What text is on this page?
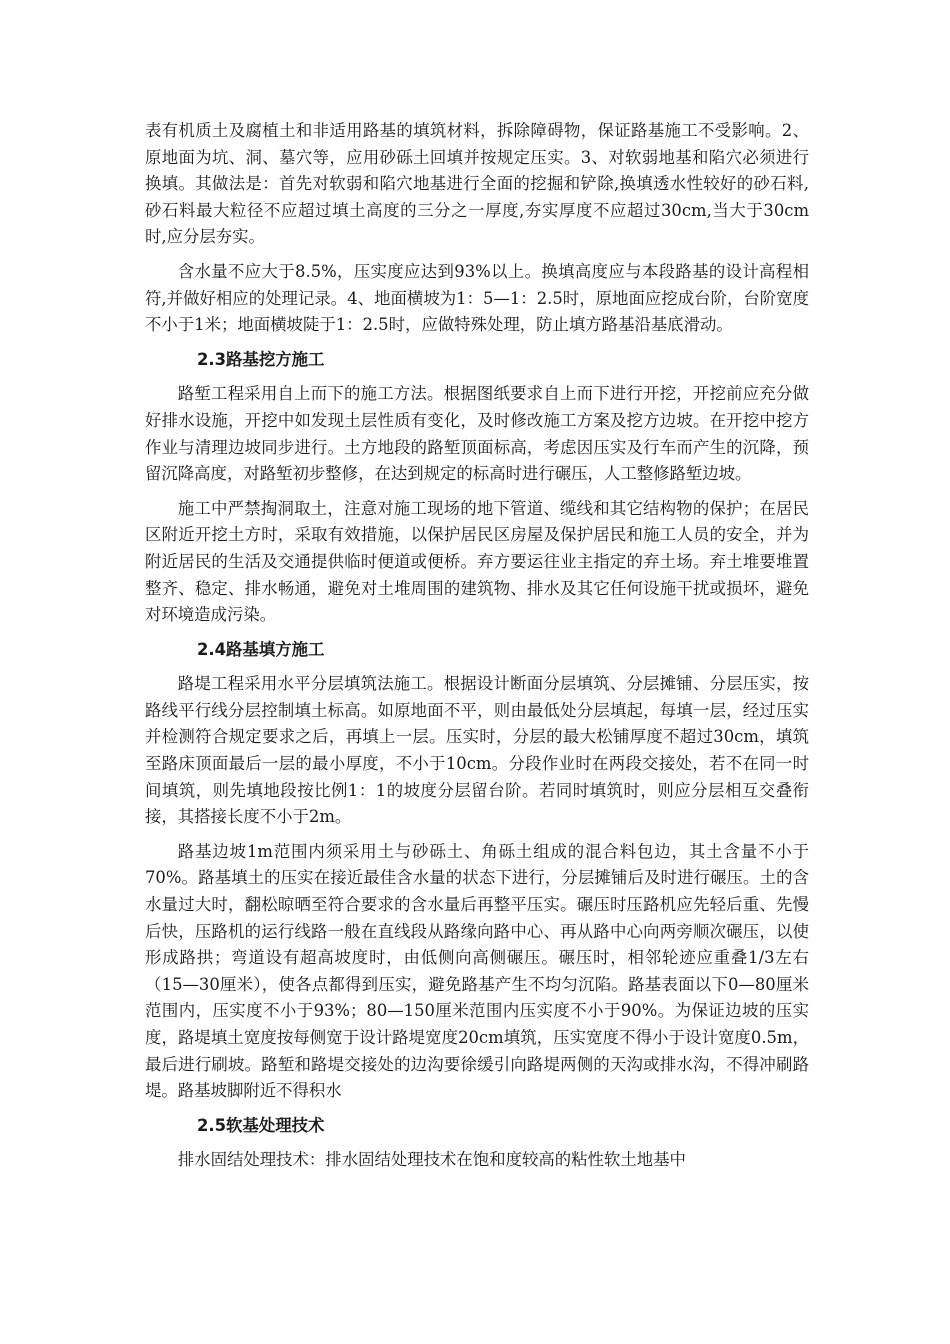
表有机质土及腐植土和非适用路基的填筑材料，拆除障碍物，保证路基施工不受影响。2、原地面为坑、洞、墓穴等，应用砂砾土回填并按规定压实。3、对软弱地基和陷穴必须进行换填。其做法是：首先对软弱和陷穴地基进行全面的挖掘和铲除,换填透水性较好的砂石料,砂石料最大粒径不应超过填土高度的三分之一厚度,夯实厚度不应超过30cm,当大于30cm时,应分层夯实。

含水量不应大于8.5%，压实度应达到93%以上。换填高度应与本段路基的设计高程相符,并做好相应的处理记录。4、地面横坡为1：5—1：2.5时，原地面应挖成台阶，台阶宽度不小于1米；地面横坡陡于1：2.5时，应做特殊处理，防止填方路基沿基底滑动。

2.3路基挖方施工

路堑工程采用自上而下的施工方法。根据图纸要求自上而下进行开挖，开挖前应充分做好排水设施，开挖中如发现土层性质有变化，及时修改施工方案及挖方边坡。在开挖中挖方作业与清理边坡同步进行。土方地段的路堑顶面标高，考虑因压实及行车而产生的沉降，预留沉降高度，对路堑初步整修，在达到规定的标高时进行碾压，人工整修路堑边坡。

施工中严禁掏洞取土，注意对施工现场的地下管道、缆线和其它结构物的保护；在居民区附近开挖土方时，采取有效措施，以保护居民区房屋及保护居民和施工人员的安全，并为附近居民的生活及交通提供临时便道或便桥。弃方要运往业主指定的弃土场。弃土堆要堆置整齐、稳定、排水畅通，避免对土堆周围的建筑物、排水及其它任何设施干扰或损坏，避免对环境造成污染。

2.4路基填方施工

路堤工程采用水平分层填筑法施工。根据设计断面分层填筑、分层摊铺、分层压实，按路线平行线分层控制填土标高。如原地面不平，则由最低处分层填起，每填一层，经过压实并检测符合规定要求之后，再填上一层。压实时，分层的最大松铺厚度不超过30cm，填筑至路床顶面最后一层的最小厚度，不小于10cm。分段作业时在两段交接处，若不在同一时间填筑，则先填地段按比例1：1的坡度分层留台阶。若同时填筑时，则应分层相互交叠衔接，其搭接长度不小于2m。

路基边坡1m范围内须采用土与砂砾土、角砾土组成的混合料包边，其土含量不小于70%。路基填土的压实在接近最佳含水量的状态下进行，分层摊铺后及时进行碾压。土的含水量过大时，翻松晾晒至符合要求的含水量后再整平压实。碾压时压路机应先轻后重、先慢后快，压路机的运行线路一般在直线段从路缘向路中心、再从路中心向两旁顺次碾压，以使形成路拱；弯道设有超高坡度时，由低侧向高侧碾压。碾压时，相邻轮迹应重叠1/3左右（15—30厘米），使各点都得到压实，避免路基产生不均匀沉陷。路基表面以下0—80厘米范围内，压实度不小于93%；80—150厘米范围内压实度不小于90%。为保证边坡的压实度，路堤填土宽度按每侧宽于设计路堤宽度20cm填筑，压实宽度不得小于设计宽度0.5m，最后进行刷坡。路堑和路堤交接处的边沟要徐缓引向路堤两侧的天沟或排水沟，不得冲刷路堤。路基坡脚附近不得积水

2.5软基处理技术

排水固结处理技术：排水固结处理技术在饱和度较高的粘性软土地基中
